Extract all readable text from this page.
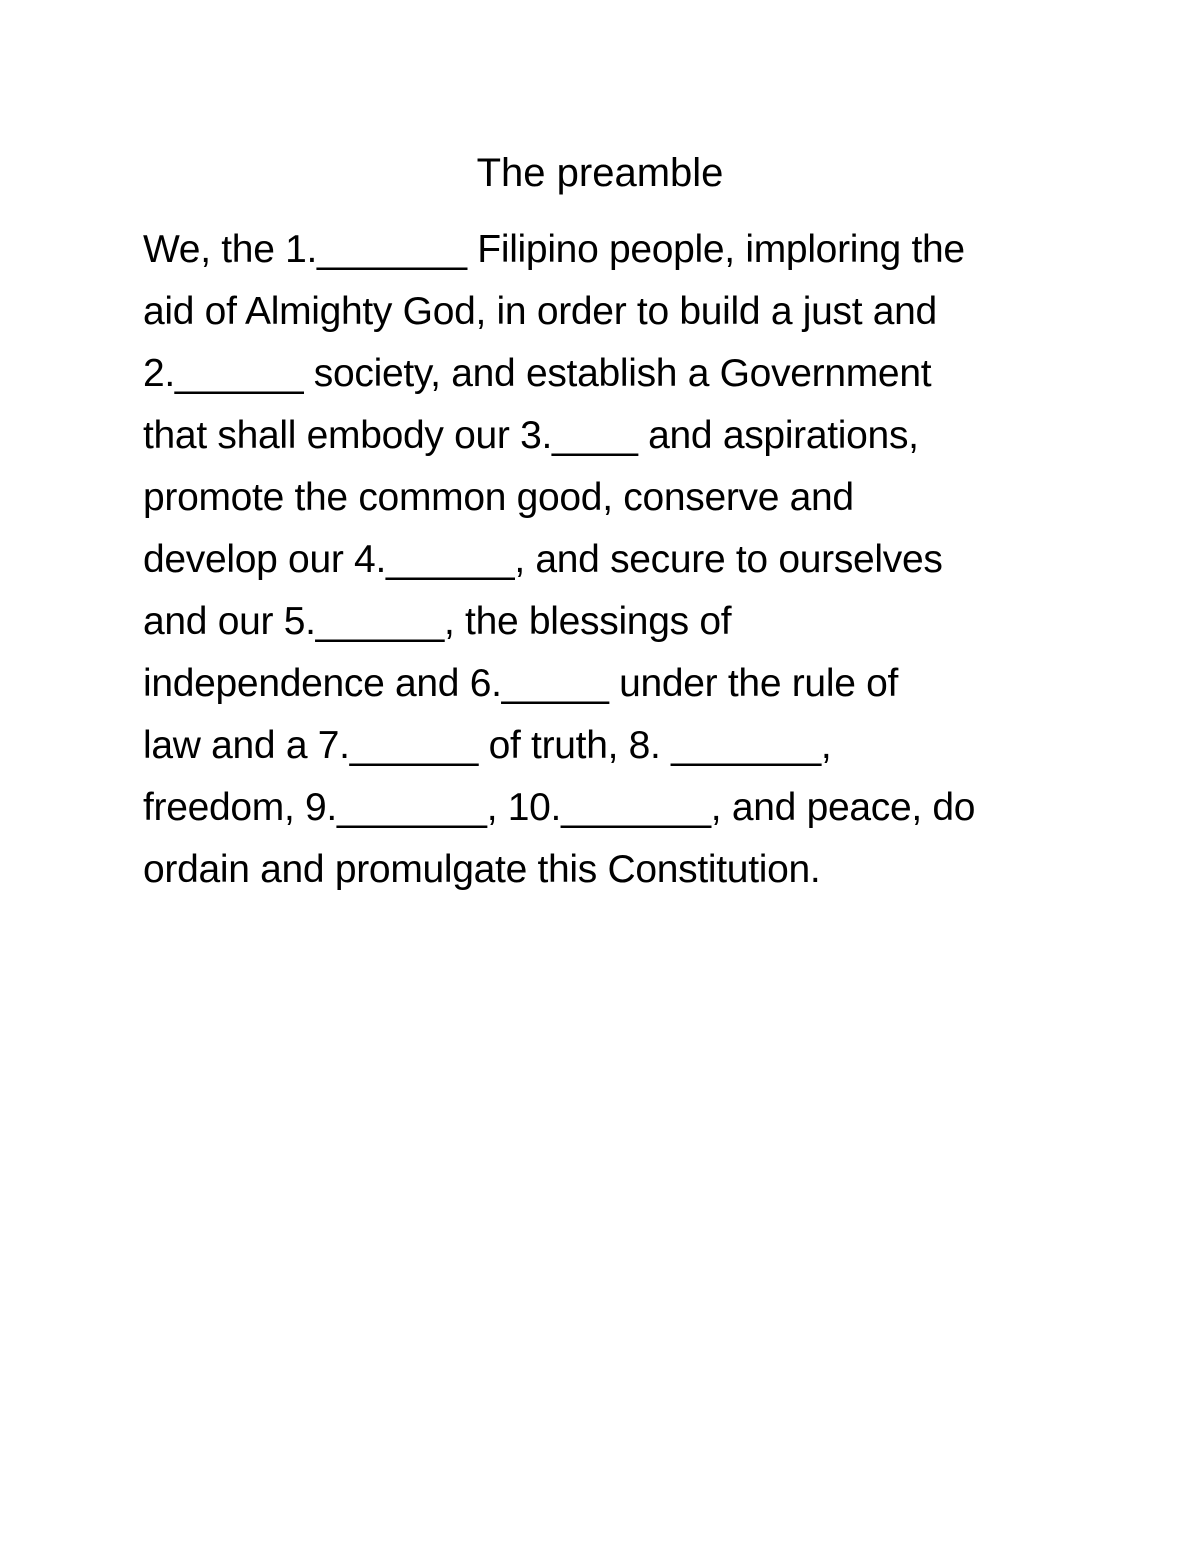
The preamble
We, the 1._______ Filipino people, imploring the
aid of Almighty God, in order to build a just and
2.______ society, and establish a Government
that shall embody our 3.____ and aspirations,
promote the common good, conserve and
develop our 4.______, and secure to ourselves
and our 5.______, the blessings of
independence and 6._____ under the rule of
law and a 7.______ of truth, 8. _______,
freedom, 9._______, 10._______, and peace, do
ordain and promulgate this Constitution.
